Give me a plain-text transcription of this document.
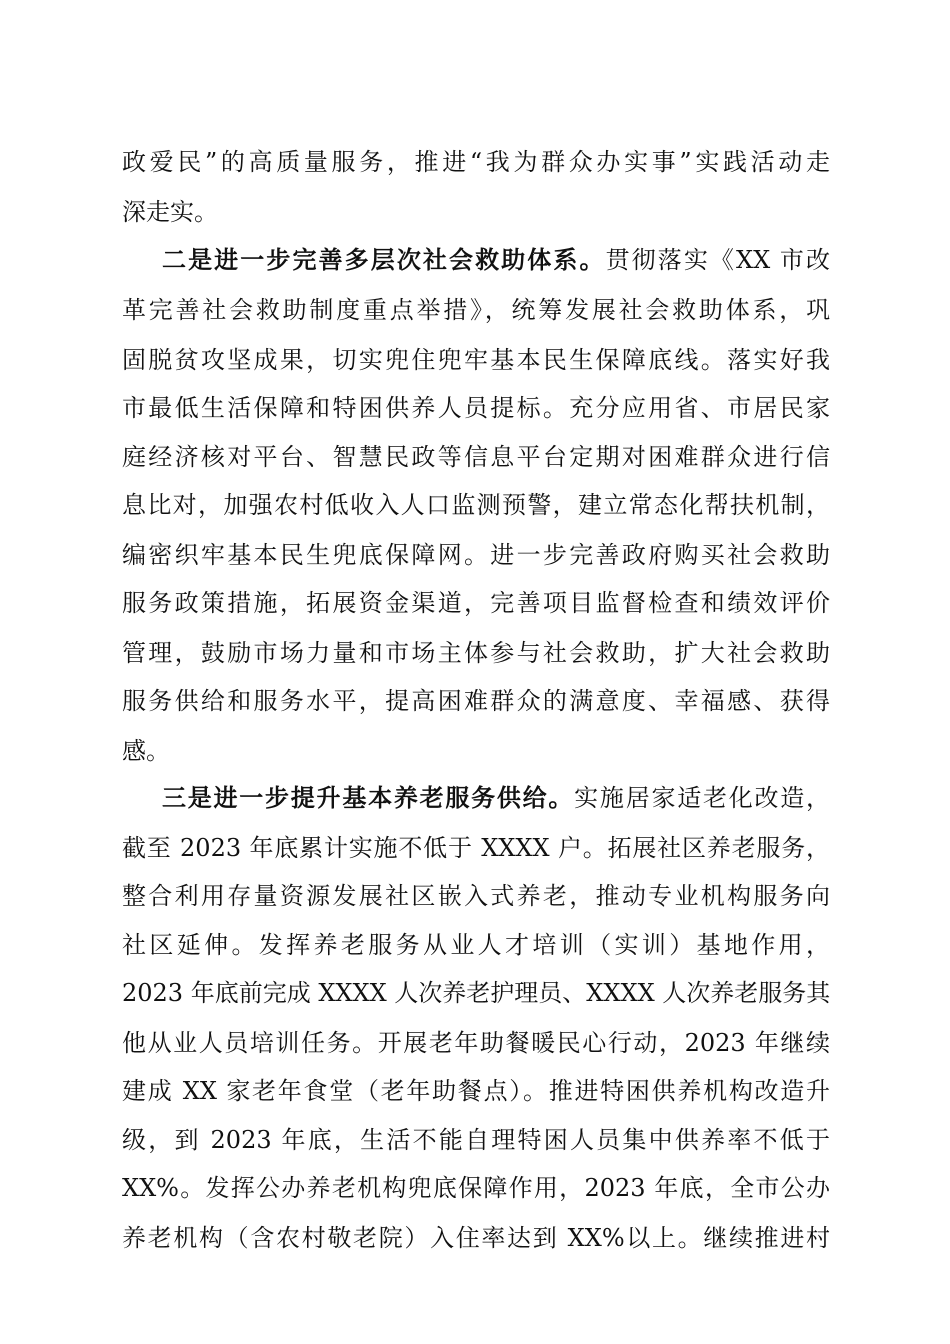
政爱民”的高质量服务，推进“我为群众办实事”实践活动走
深走实。
二是进一步完善多层次社会救助体系。贯彻落实《XX 市改
革完善社会救助制度重点举措》，统筹发展社会救助体系，巩
固脱贫攻坚成果，切实兜住兜牢基本民生保障底线。落实好我
市最低生活保障和特困供养人员提标。充分应用省、市居民家
庭经济核对平台、智慧民政等信息平台定期对困难群众进行信
息比对，加强农村低收入人口监测预警，建立常态化帮扶机制，
编密织牢基本民生兜底保障网。进一步完善政府购买社会救助
服务政策措施，拓展资金渠道，完善项目监督检查和绩效评价
管理，鼓励市场力量和市场主体参与社会救助，扩大社会救助
服务供给和服务水平，提高困难群众的满意度、幸福感、获得
感。
三是进一步提升基本养老服务供给。实施居家适老化改造，
截至 2023 年底累计实施不低于 XXXX 户。拓展社区养老服务，
整合利用存量资源发展社区嵌入式养老，推动专业机构服务向
社区延伸。发挥养老服务从业人才培训（实训）基地作用，
2023 年底前完成 XXXX 人次养老护理员、XXXX 人次养老服务其
他从业人员培训任务。开展老年助餐暖民心行动，2023 年继续
建成 XX 家老年食堂（老年助餐点）。推进特困供养机构改造升
级，到 2023 年底，生活不能自理特困人员集中供养率不低于
XX%。发挥公办养老机构兜底保障作用，2023 年底，全市公办
养老机构（含农村敬老院）入住率达到 XX%以上。继续推进村
